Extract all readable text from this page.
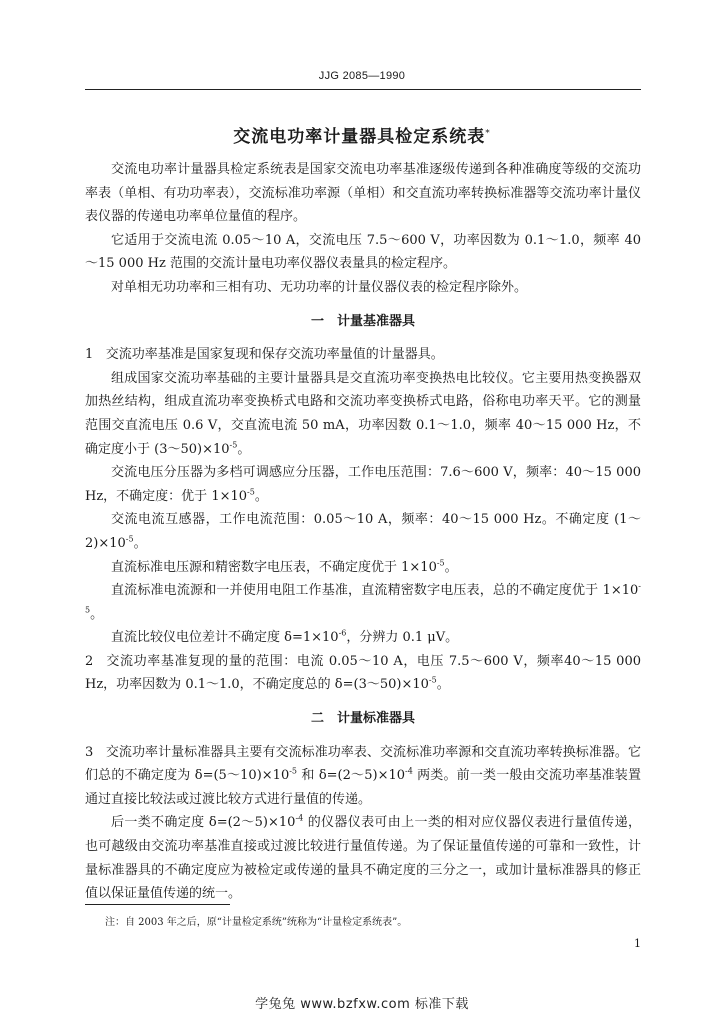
JJG 2085—1990
交流电功率计量器具检定系统表*

交流电功率计量器具检定系统表是国家交流电功率基准逐级传递到各种准确度等级的交流功率表（单相、有功功率表），交流标准功率源（单相）和交直流功率转换标准器等交流功率计量仪表仪器的传递电功率单位量值的程序。

它适用于交流电流 0.05～10 A，交流电压 7.5～600 V，功率因数为 0.1～1.0，频率 40～15 000 Hz 范围的交流计量电功率仪器仪表量具的检定程序。

对单相无功功率和三相有功、无功功率的计量仪器仪表的检定程序除外。

一　计量基准器具

1 交流功率基准是国家复现和保存交流功率量值的计量器具。

组成国家交流功率基础的主要计量器具是交直流功率变换热电比较仪。它主要用热变换器双加热丝结构，组成直流功率变换桥式电路和交流功率变换桥式电路，俗称电功率天平。它的测量范围交直流电压 0.6 V，交直流电流 50 mA，功率因数 0.1～1.0，频率 40～15 000 Hz，不确定度小于 $(3\sim 50)\times 10^{-5}$。

交流电压分压器为多档可调感应分压器，工作电压范围：7.6～600 V，频率：40～15 000 Hz，不确定度：优于 $1\times 10^{-5}$。

交流电流互感器，工作电流范围：0.05～10 A，频率：40～15 000 Hz。不确定度 $(1\sim 2)\times 10^{-5}$。

直流标准电压源和精密数字电压表，不确定度优于 $1\times 10^{-5}$。

直流标准电流源和一并使用电阻工作基准，直流精密数字电压表，总的不确定度优于 $1\times 10^{-5}$。

直流比较仪电位差计不确定度 $\delta=1\times 10^{-6}$，分辨力 0.1 μV。

2 交流功率基准复现的量的范围：电流 0.05～10 A，电压 7.5～600 V，频率40～15 000 Hz，功率因数为 0.1～1.0，不确定度总的 $\delta=(3\sim 50)\times 10^{-5}$。

二　计量标准器具

3 交流功率计量标准器具主要有交流标准功率表、交流标准功率源和交直流功率转换标准器。它们总的不确定度为 $\delta=(5\sim 10)\times 10^{-5}$ 和 $\delta=(2\sim 5)\times 10^{-4}$ 两类。前一类一般由交流功率基准装置通过直接比较法或过渡比较方式进行量值的传递。

后一类不确定度 $\delta=(2\sim 5)\times 10^{-4}$ 的仪器仪表可由上一类的相对应仪器仪表进行量值传递，也可越级由交流功率基准直接或过渡比较进行量值传递。为了保证量值传递的可靠和一致性，计量标准器具的不确定度应为被检定或传递的量具不确定度的三分之一，或加计量标准器具的修正值以保证量值传递的统一。

注：自 2003 年之后，原“计量检定系统”统称为“计量检定系统表”。
1
学兔兔 www.bzfxw.com 标准下载
